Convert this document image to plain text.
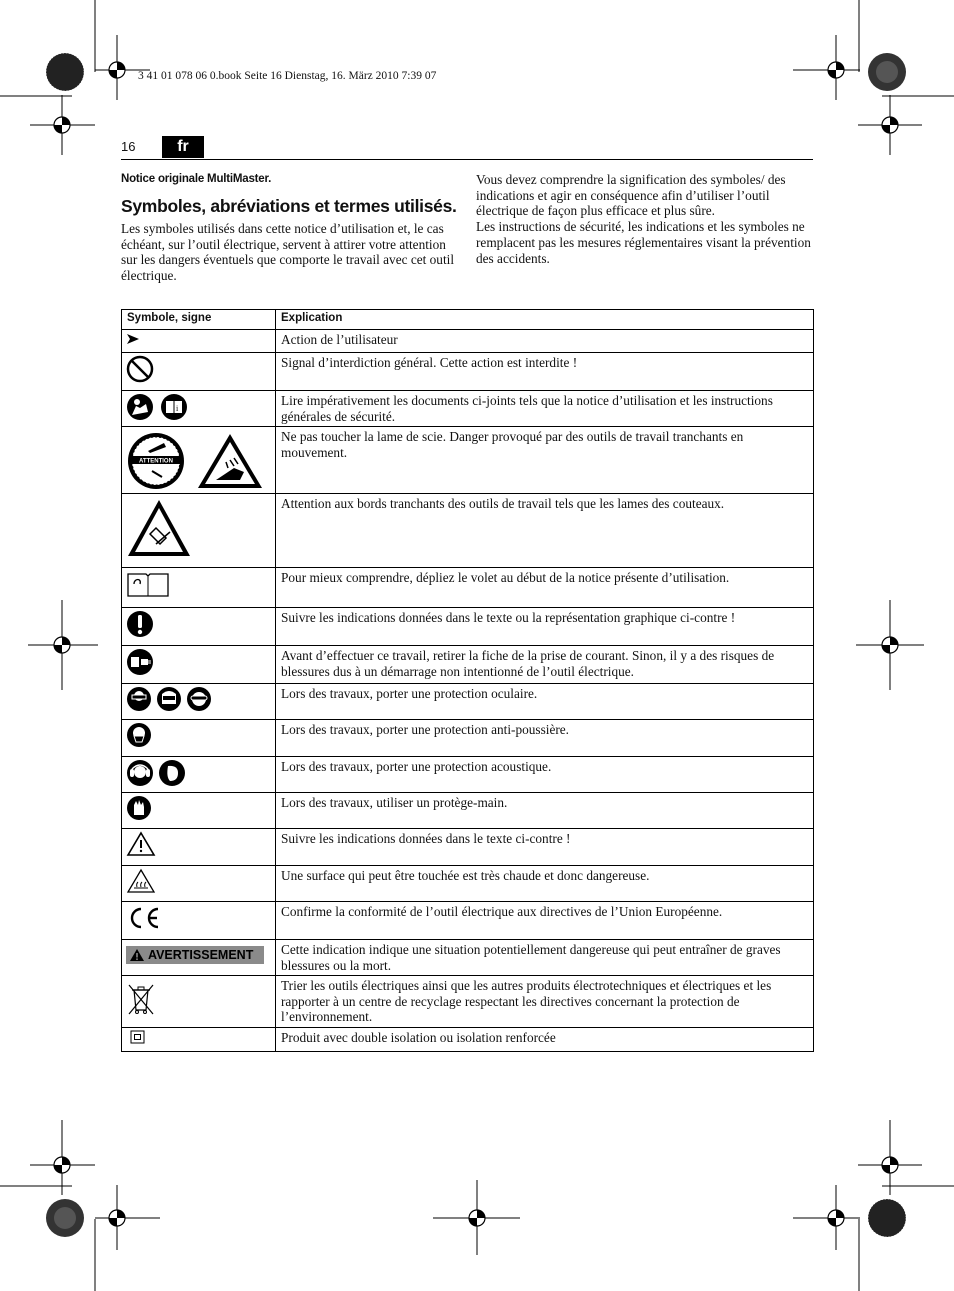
3 41 01 078 06 0.book Seite 16 Dienstag, 16. März 2010 7:39 07
16	fr
Notice originale MultiMaster.
Symboles, abréviations et termes utilisés.

Les symboles utilisés dans cette notice d’utilisation et, le cas échéant, sur l’outil électrique, servent à attirer votre attention sur les dangers éventuels que comporte le travail avec cet outil électrique.

Vous devez comprendre la signification des symboles/ des indications et agir en conséquence afin d’utiliser l’outil électrique de façon plus efficace et plus sûre.

Les instructions de sécurité, les indications et les symboles ne remplacent pas les mesures réglementaires visant la prévention des accidents.

Symbole, signe	Explication
	Action de l’utilisateur
	Signal d’interdiction général. Cette action est interdite !

i	Lire impérativement les documents ci-joints tels que la notice d’utilisation et les instructions générales de sécurité.

ATTENTION	Ne pas toucher la lame de scie. Danger provoqué par des outils de travail tranchants en mouvement.
	Attention aux bords tranchants des outils de travail tels que les lames des couteaux.
	Pour mieux comprendre, dépliez le volet au début de la notice présente d’utilisation.
	Suivre les indications données dans le texte ou la représentation graphique ci-contre !
	Avant d’effectuer ce travail, retirer la fiche de la prise de courant. Sinon, il y a des risques de blessures dus à un démarrage non intentionné de l’outil électrique.

	Lors des travaux, porter une protection oculaire.
	Lors des travaux, porter une protection anti-poussière.

	Lors des travaux, porter une protection acoustique.
	Lors des travaux, utiliser un protège-main.
	Suivre les indications données dans le texte ci-contre !
	Une surface qui peut être touchée est très chaude et donc dangereuse.
	Confirme la conformité de l’outil électrique aux directives de l’Union Européenne.

AVERTISSEMENT	Cette indication indique une situation potentiellement dangereuse qui peut entraîner de graves blessures ou la mort.
	Trier les outils électriques ainsi que les autres produits électrotechniques et électriques et les rapporter à un centre de recyclage respectant les directives concernant la protection de l’environnement.
	Produit avec double isolation ou isolation renforcée
